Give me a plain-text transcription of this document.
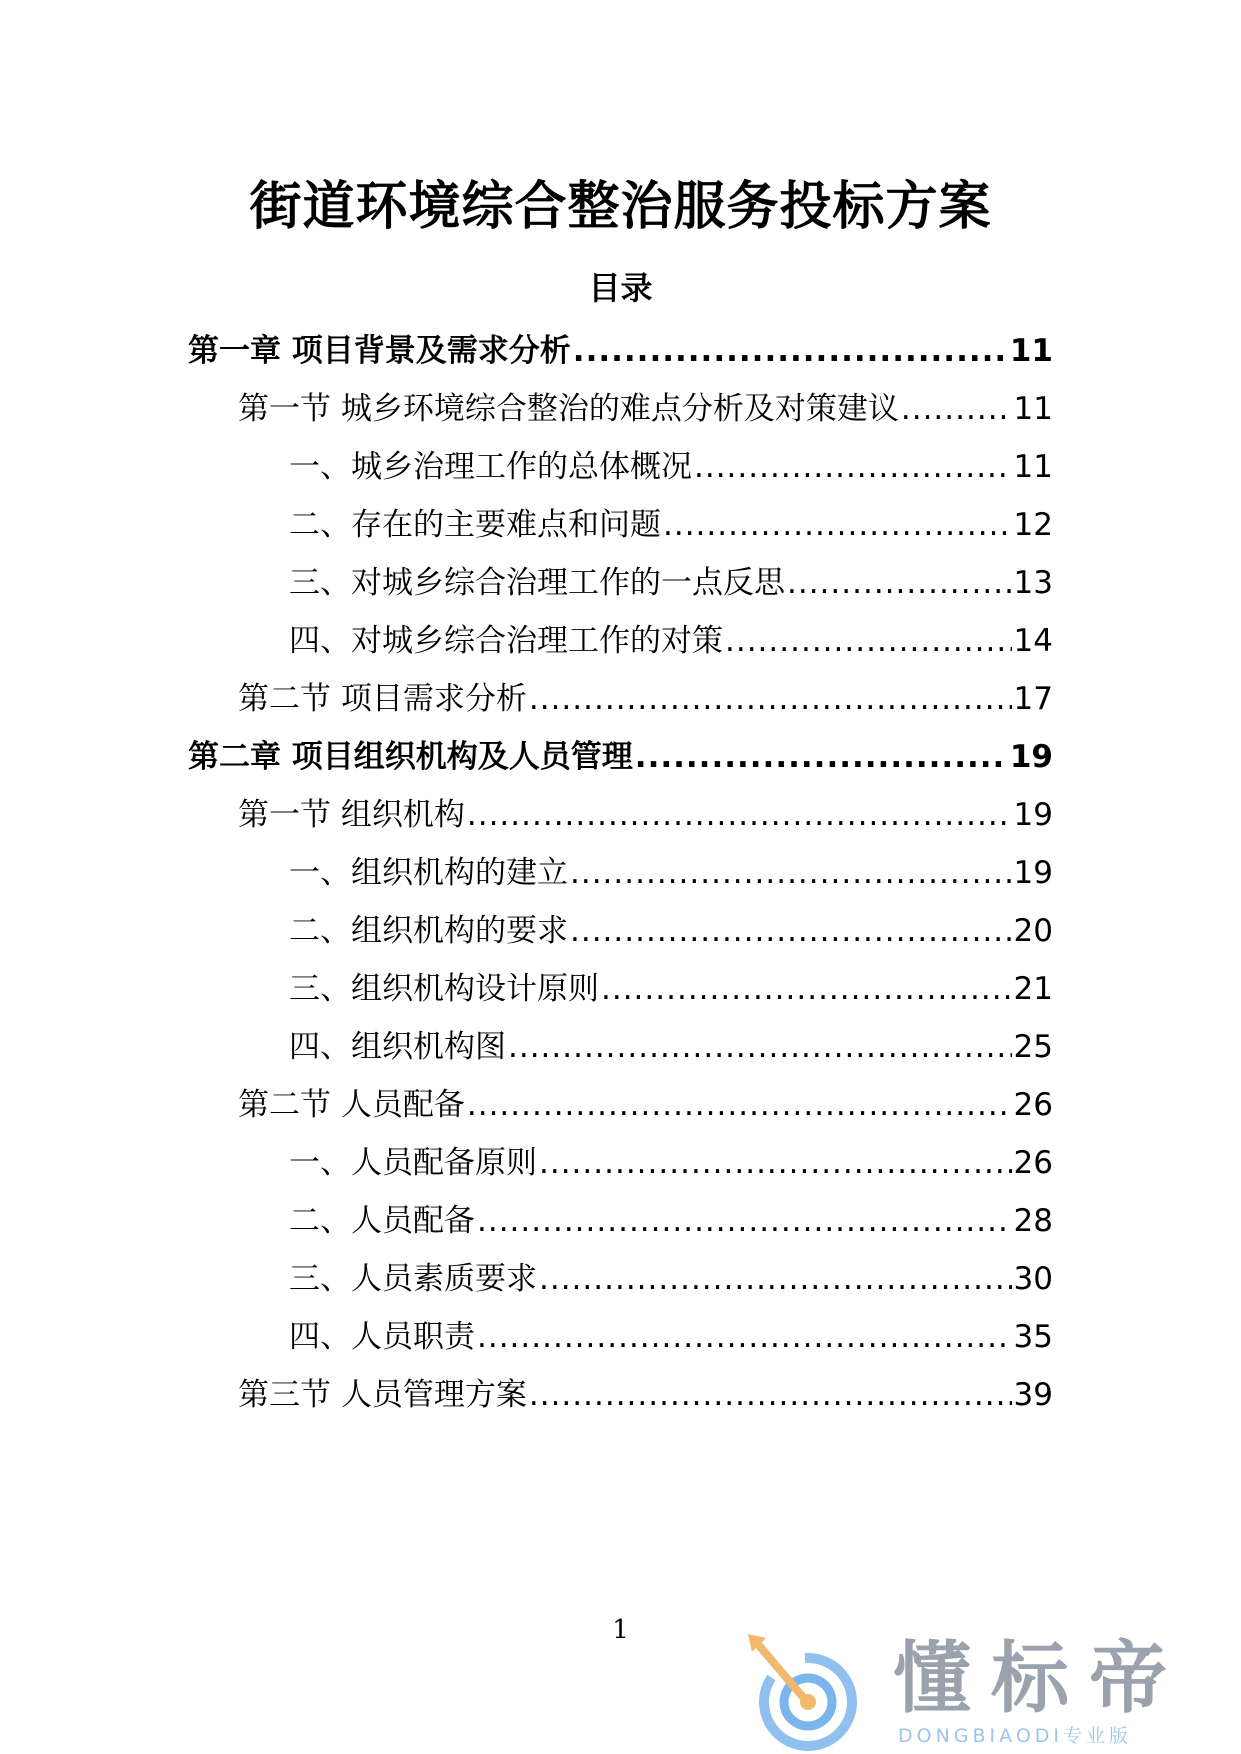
街道环境综合整治服务投标方案
目录
第一章 项目背景及需求分析 .....	11
第一节 城乡环境综合整治的难点分析及对策建议 .....	11
一、城乡治理工作的总体概况 .....	11
二、存在的主要难点和问题 .....	12
三、对城乡综合治理工作的一点反思 .....	13
四、对城乡综合治理工作的对策 .....	14
第二节 项目需求分析 .....	17
第二章 项目组织机构及人员管理 .....	19
第一节 组织机构 .....	19
一、组织机构的建立 .....	19
二、组织机构的要求 .....	20
三、组织机构设计原则 .....	21
四、组织机构图 .....	25
第二节 人员配备 .....	26
一、人员配备原则 .....	26
二、人员配备 .....	28
三、人员素质要求 .....	30
四、人员职责 .....	35
第三节 人员管理方案 .....	39
1
懂标帝
DONGBIAODI专业版
